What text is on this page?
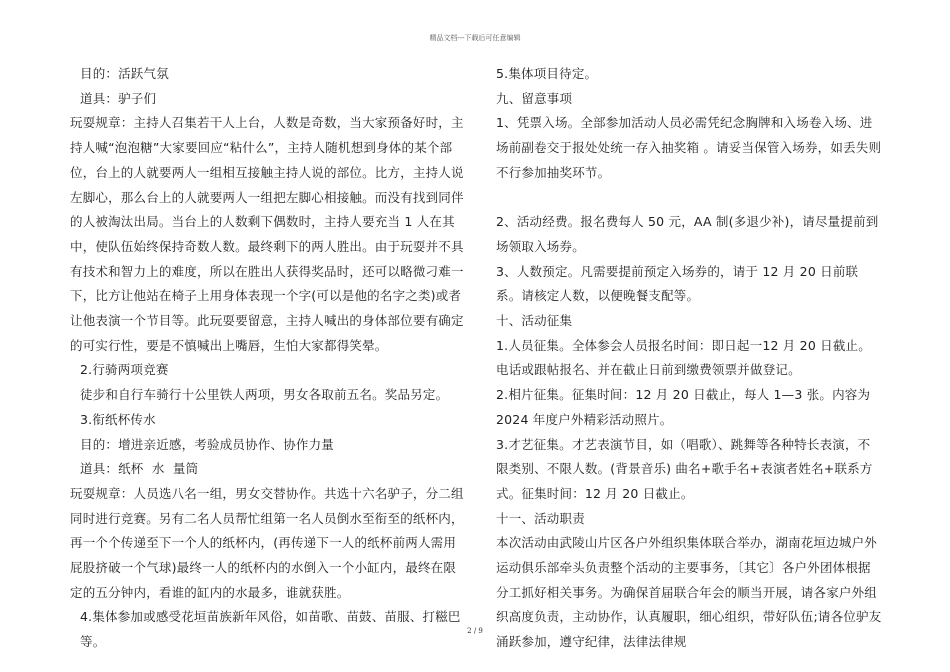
精品文档---下载后可任意编辑

目的：活跃气氛

道具：驴子们

玩耍规章：主持人召集若干人上台，人数是奇数，当大家预备好时，主持人喊“泡泡糖”大家要回应“粘什么”，主持人随机想到身体的某个部位，台上的人就要两人一组相互接触主持人说的部位。比方，主持人说左脚心，那么台上的人就要两人一组把左脚心相接触。而没有找到同伴的人被淘汰出局。当台上的人数剩下偶数时，主持人要充当 1 人在其中，使队伍始终保持奇数人数。最终剩下的两人胜出。由于玩耍并不具有技术和智力上的难度，所以在胜出人获得奖品时，还可以略微刁难一下，比方让他站在椅子上用身体表现一个字(可以是他的名字之类)或者让他表演一个节目等。此玩耍要留意，主持人喊出的身体部位要有确定的可实行性，要是不慎喊出上嘴唇，生怕大家都得笑晕。

2.行骑两项竞赛

徒步和自行车骑行十公里铁人两项，男女各取前五名。奖品另定。

3.衔纸杯传水

目的：增进亲近感，考验成员协作、协作力量

道具：纸杯  水  量筒

玩耍规章：人员选八名一组，男女交替协作。共选十六名驴子，分二组同时进行竞赛。另有二名人员帮忙组第一名人员倒水至衔至的纸杯内，再一个个传递至下一个人的纸杯内，(再传递下一人的纸杯前两人需用屁股挤破一个气球)最终一人的纸杯内的水倒入一个小缸内，最终在限定的五分钟内，看谁的缸内的水最多，谁就获胜。

4.集体参加或感受花垣苗族新年风俗，如苗歌、苗鼓、苗服、打糍巴等。

5.集体项目待定。

九、留意事项

1、凭票入场。全部参加活动人员必需凭纪念胸牌和入场卷入场、进场前副卷交于报处处统一存入抽奖箱 。请妥当保管入场券，如丢失则不行参加抽奖环节。

2、活动经费。报名费每人 50 元，AA 制(多退少补)，请尽量提前到场领取入场券。

3、人数预定。凡需要提前预定入场券的，请于 12 月 20 日前联系。请核定人数，以便晚餐支配等。

十、活动征集

1.人员征集。全体参会人员报名时间：即日起一12 月 20 日截止。电话或跟帖报名、并在截止日前到缴费领票并做登记。

2.相片征集。征集时间：12 月 20 日截止，每人 1—3 张。内容为 2024 年度户外精彩活动照片。

3.才艺征集。才艺表演节目，如（唱歌）、跳舞等各种特长表演，不限类别、不限人数。(背景音乐) 曲名+歌手名+表演者姓名+联系方式。征集时间：12 月 20 日截止。

十一、活动职责

本次活动由武陵山片区各户外组织集体联合举办，湖南花垣边城户外运动俱乐部牵头负责整个活动的主要事务，〔其它〕各户外团体根据分工抓好相关事务。为确保首届联合年会的顺当开展，请各家户外组织高度负责，主动协作，认真履职，细心组织，带好队伍;请各位驴友涌跃参加，遵守纪律，法律法律规

2 / 9
